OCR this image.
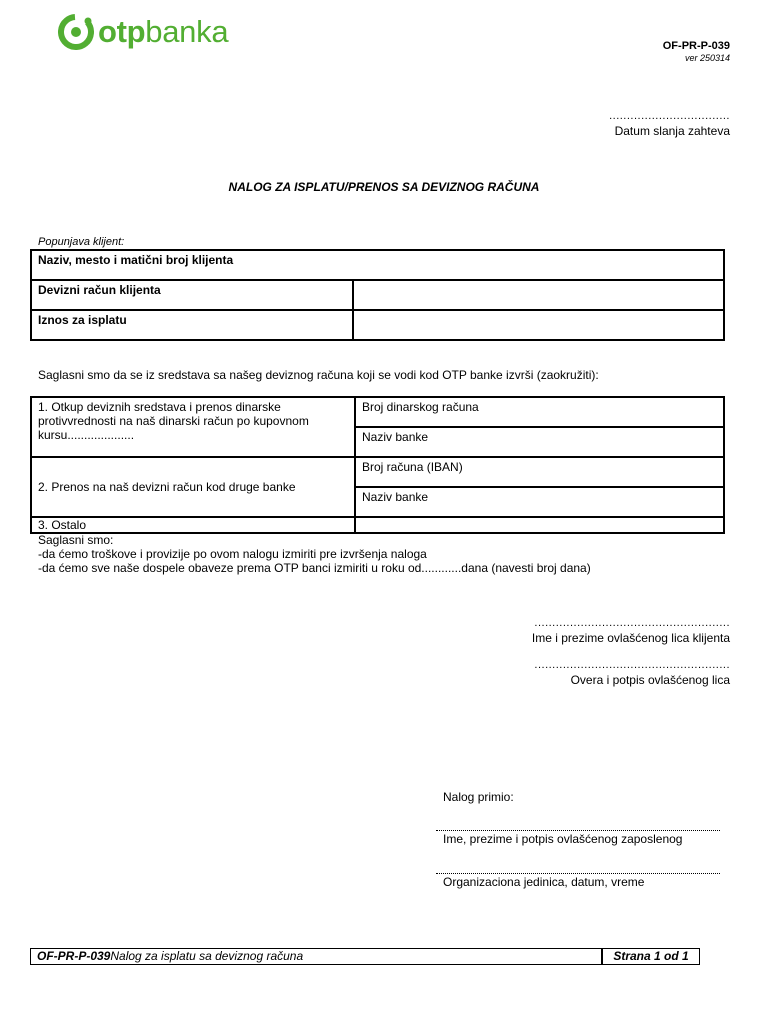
otpbanka	OF-PR-P-039
ver 250314
..................................
Datum slanja zahteva
NALOG ZA ISPLATU/PRENOS SA DEVIZNOG RAČUNA
Popunjava klijent:
Naziv, mesto i matični broj klijenta	
Devizni račun klijenta	
Iznos za isplatu	
Saglasni smo da se iz sredstava sa našeg deviznog računa koji se vodi kod OTP banke izvrši (zaokružiti):
1. Otkup deviznih sredstava i prenos dinarske protivvrednosti na naš dinarski račun po kupovnom kursu....................	Broj dinarskog računa
	Naziv banke
2. Prenos na naš devizni račun kod druge banke	Broj računa (IBAN)
	Naziv banke
3. Ostalo	
Saglasni smo:
-da ćemo troškove i provizije po ovom nalogu izmiriti pre izvršenja naloga
-da ćemo sve naše dospele obaveze prema OTP banci izmiriti u roku od............dana (navesti broj dana)
.......................................................
Ime i prezime ovlašćenog lica klijenta
.......................................................
Overa i potpis ovlašćenog lica
Nalog primio:
Ime, prezime i potpis ovlašćenog zaposlenog
Organizaciona jedinica, datum, vreme
OF-PR-P-039Nalog za isplatu sa deviznog računa	Strana 1 od 1
